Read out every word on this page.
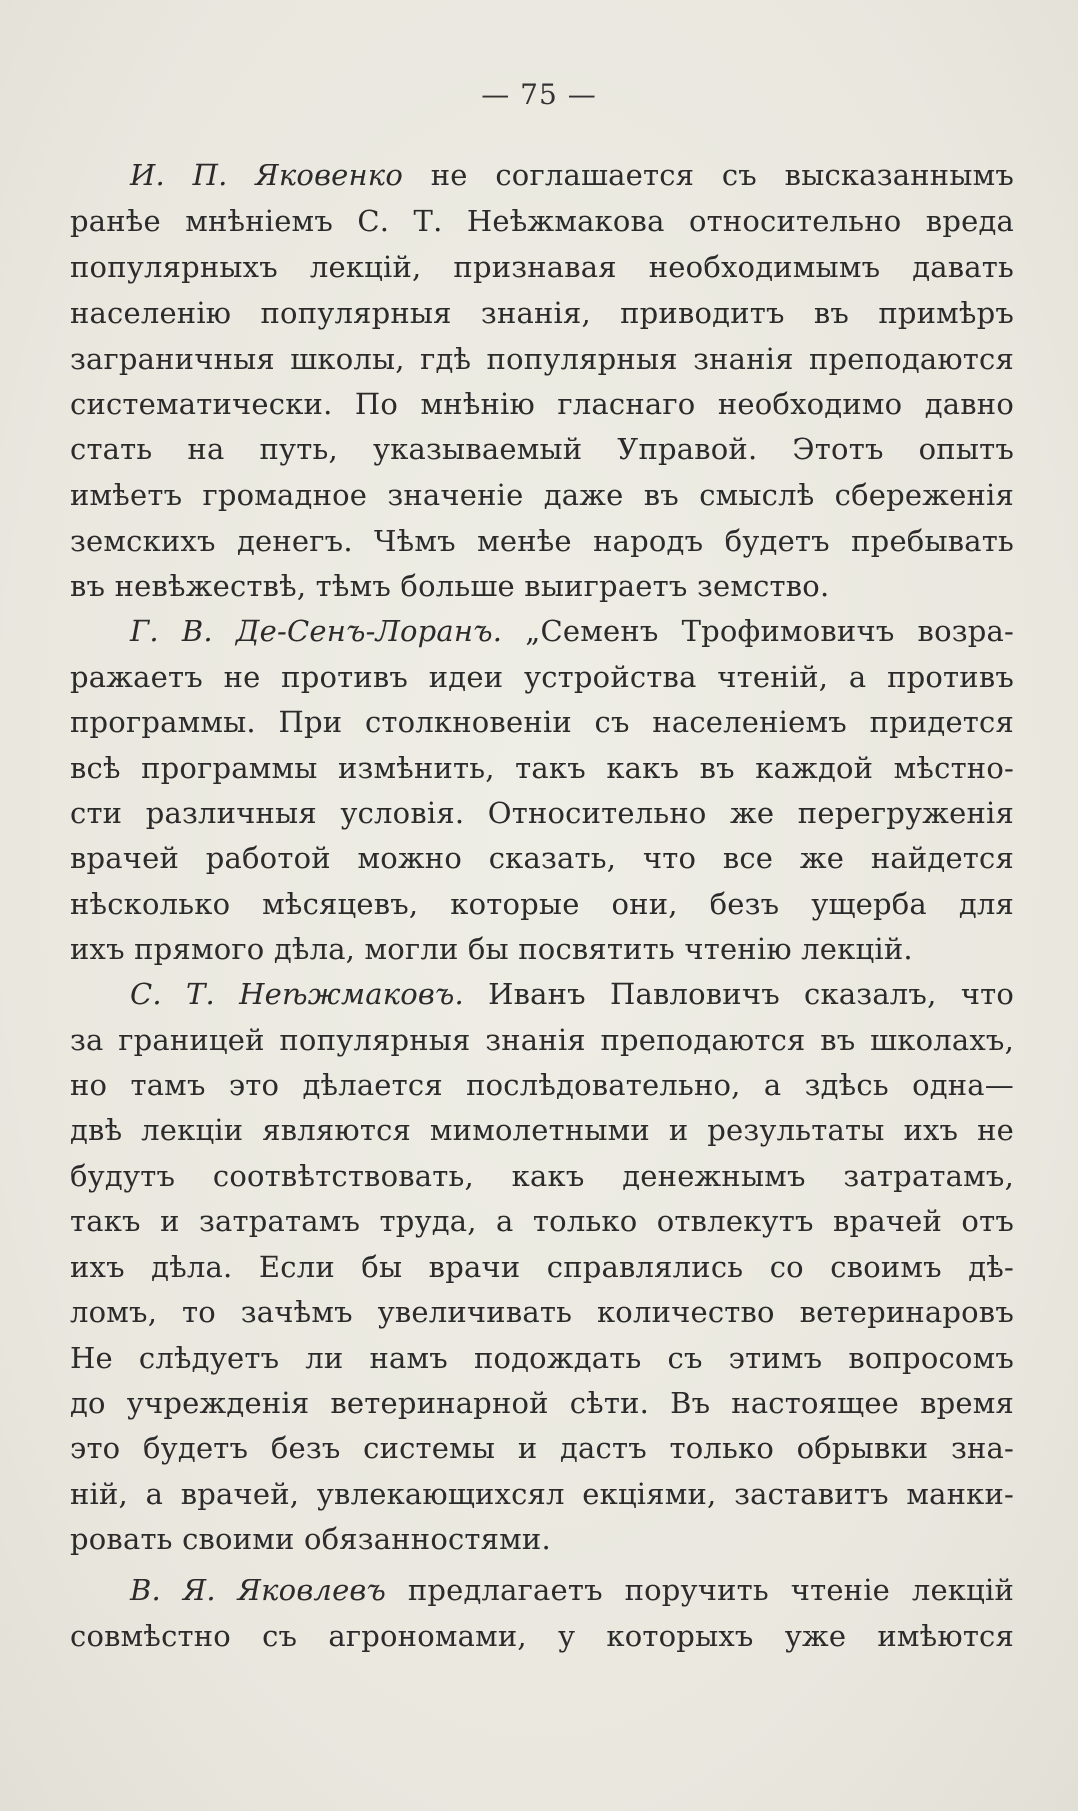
— 75 —
И. П. Яковенко не соглашается съ высказаннымъ
ранѣе мнѣніемъ С. Т. Неѣжмакова относительно вреда
популярныхъ лекцій, признавая необходимымъ давать
населенію популярныя знанія, приводитъ въ примѣръ
заграничныя школы, гдѣ популярныя знанія преподаются
систематически. По мнѣнію гласнаго необходимо давно
стать на путь, указываемый Управой. Этотъ опытъ
имѣетъ громадное значеніе даже въ смыслѣ сбереженія
земскихъ денегъ. Чѣмъ менѣе народъ будетъ пребывать
въ невѣжествѣ, тѣмъ больше выиграетъ земство.
Г. В. Де-Сенъ-Лоранъ. „Семенъ Трофимовичъ возра-
ражаетъ не противъ идеи устройства чтеній, а противъ
программы. При столкновеніи съ населеніемъ придется
всѣ программы измѣнить, такъ какъ въ каждой мѣстно-
сти различныя условія. Относительно же перегруженія
врачей работой можно сказать, что все же найдется
нѣсколько мѣсяцевъ, которые они, безъ ущерба для
ихъ прямого дѣла, могли бы посвятить чтенію лекцій.
С. Т. Неѣжмаковъ. Иванъ Павловичъ сказалъ, что
за границей популярныя знанія преподаются въ школахъ,
но тамъ это дѣлается послѣдовательно, а здѣсь одна—
двѣ лекціи являются мимолетными и результаты ихъ не
будутъ соотвѣтствовать, какъ денежнымъ затратамъ,
такъ и затратамъ труда, а только отвлекутъ врачей отъ
ихъ дѣла. Если бы врачи справлялись со своимъ дѣ-
ломъ, то зачѣмъ увеличивать количество ветеринаровъ
Не слѣдуетъ ли намъ подождать съ этимъ вопросомъ
до учрежденія ветеринарной сѣти. Въ настоящее время
это будетъ безъ системы и дастъ только обрывки зна-
ній, а врачей, увлекающихсял екціями, заставитъ манки-
ровать своими обязанностями.
В. Я. Яковлевъ предлагаетъ поручить чтеніе лекцій
совмѣстно съ агрономами, у которыхъ уже имѣются
